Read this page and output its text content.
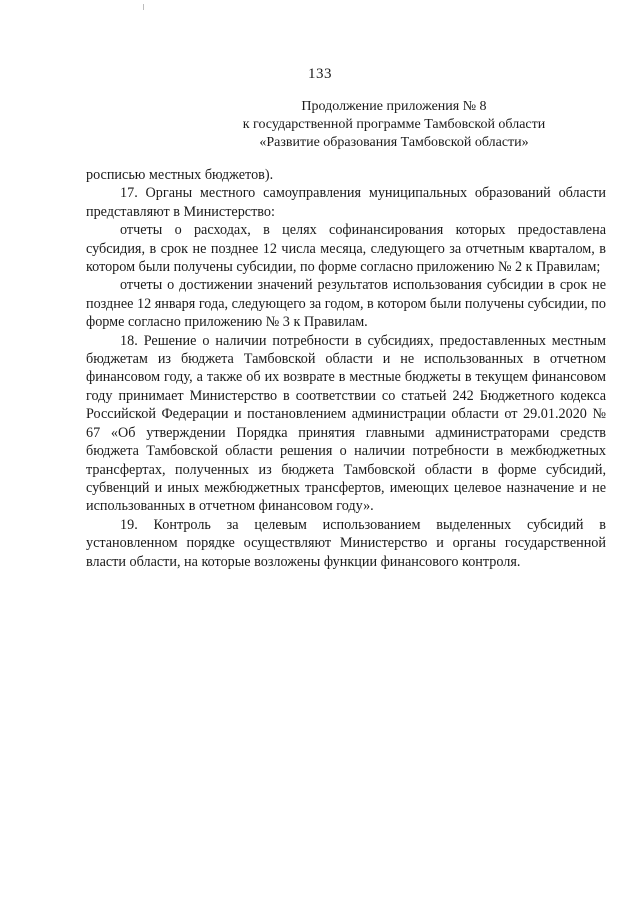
133
Продолжение приложения № 8
к государственной программе Тамбовской области
«Развитие образования Тамбовской области»

росписью местных бюджетов).

17. Органы местного самоуправления муниципальных образований области представляют в Министерство:

отчеты о расходах, в целях софинансирования которых предоставлена субсидия, в срок не позднее 12 числа месяца, следующего за отчетным кварталом, в котором были получены субсидии, по форме согласно приложению № 2 к Правилам;

отчеты о достижении значений результатов использования субсидии в срок не позднее 12 января года, следующего за годом, в котором были получены субсидии, по форме согласно приложению № 3 к Правилам.

18. Решение о наличии потребности в субсидиях, предоставленных местным бюджетам из бюджета Тамбовской области и не использованных в отчетном финансовом году, а также об их возврате в местные бюджеты в текущем финансовом году принимает Министерство в соответствии со статьей 242 Бюджетного кодекса Российской Федерации и постановлением администрации области от 29.01.2020 № 67 «Об утверждении Порядка принятия главными администраторами средств бюджета Тамбовской области решения о наличии потребности в межбюджетных трансфертах, полученных из бюджета Тамбовской области в форме субсидий, субвенций и иных межбюджетных трансфертов, имеющих целевое назначение и не использованных в отчетном финансовом году».

19. Контроль за целевым использованием выделенных субсидий в установленном порядке осуществляют Министерство и органы государственной власти области, на которые возложены функции финансового контроля.
